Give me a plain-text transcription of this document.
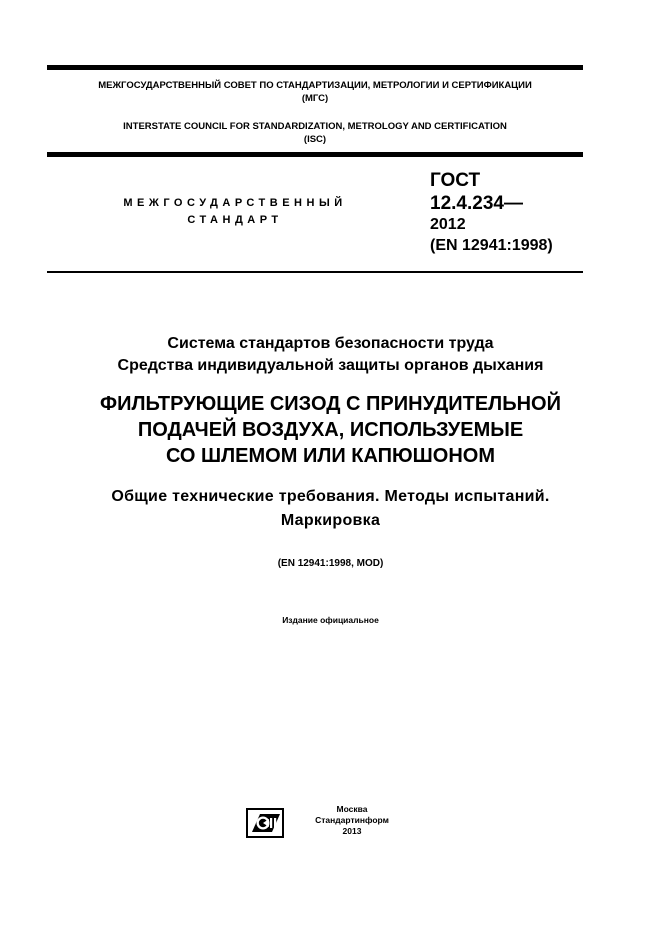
МЕЖГОСУДАРСТВЕННЫЙ СОВЕТ ПО СТАНДАРТИЗАЦИИ, МЕТРОЛОГИИ И СЕРТИФИКАЦИИ
(МГС)
INTERSTATE COUNCIL FOR STANDARDIZATION, METROLOGY AND CERTIFICATION
(ISC)
МЕЖГОСУДАРСТВЕННЫЙ
СТАНДАРТ
ГОСТ
12.4.234—
2012
(EN 12941:1998)
Система стандартов безопасности труда
Средства индивидуальной защиты органов дыхания
ФИЛЬТРУЮЩИЕ СИЗОД С ПРИНУДИТЕЛЬНОЙ
ПОДАЧЕЙ ВОЗДУХА, ИСПОЛЬЗУЕМЫЕ
СО ШЛЕМОМ ИЛИ КАПЮШОНОМ
Общие технические требования. Методы испытаний.
Маркировка
(EN 12941:1998, MOD)
Издание официальное
Москва
Стандартинформ
2013
